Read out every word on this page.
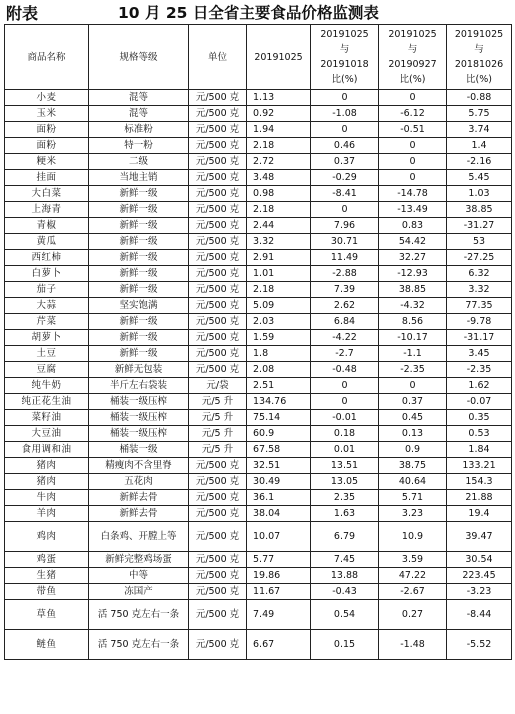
附表	10 月 25 日全省主要食品价格监测表
商品名称	规格等级	单位	20191025	20191025
与
20191018
比(%)	20191025
与
20190927
比(%)	20191025
与
20181026
比(%)
小麦	混等	元/500 克	1.13	0	0	-0.88
玉米	混等	元/500 克	0.92	-1.08	-6.12	5.75
面粉	标准粉	元/500 克	1.94	0	-0.51	3.74
面粉	特一粉	元/500 克	2.18	0.46	0	1.4
粳米	二级	元/500 克	2.72	0.37	0	-2.16
挂面	当地主销	元/500 克	3.48	-0.29	0	5.45
大白菜	新鲜一级	元/500 克	0.98	-8.41	-14.78	1.03
上海青	新鲜一级	元/500 克	2.18	0	-13.49	38.85
青椒	新鲜一级	元/500 克	2.44	7.96	0.83	-31.27
黄瓜	新鲜一级	元/500 克	3.32	30.71	54.42	53
西红柿	新鲜一级	元/500 克	2.91	11.49	32.27	-27.25
白萝卜	新鲜一级	元/500 克	1.01	-2.88	-12.93	6.32
茄子	新鲜一级	元/500 克	2.18	7.39	38.85	3.32
大蒜	坚实饱满	元/500 克	5.09	2.62	-4.32	77.35
芹菜	新鲜一级	元/500 克	2.03	6.84	8.56	-9.78
胡萝卜	新鲜一级	元/500 克	1.59	-4.22	-10.17	-31.17
土豆	新鲜一级	元/500 克	1.8	-2.7	-1.1	3.45
豆腐	新鲜无包装	元/500 克	2.08	-0.48	-2.35	-2.35
纯牛奶	半斤左右袋装	元/袋	2.51	0	0	1.62
纯正花生油	桶装一级压榨	元/5 升	134.76	0	0.37	-0.07
菜籽油	桶装一级压榨	元/5 升	75.14	-0.01	0.45	0.35
大豆油	桶装一级压榨	元/5 升	60.9	0.18	0.13	0.53
食用调和油	桶装一级	元/5 升	67.58	0.01	0.9	1.84
猪肉	精瘦肉不含里脊	元/500 克	32.51	13.51	38.75	133.21
猪肉	五花肉	元/500 克	30.49	13.05	40.64	154.3
牛肉	新鲜去骨	元/500 克	36.1	2.35	5.71	21.88
羊肉	新鲜去骨	元/500 克	38.04	1.63	3.23	19.4
鸡肉	白条鸡、开膛上等	元/500 克	10.07	6.79	10.9	39.47
鸡蛋	新鲜完整鸡场蛋	元/500 克	5.77	7.45	3.59	30.54
生猪	中等	元/500 克	19.86	13.88	47.22	223.45
带鱼	冻国产	元/500 克	11.67	-0.43	-2.67	-3.23
草鱼	活 750 克左右一条	元/500 克	7.49	0.54	0.27	-8.44
鲢鱼	活 750 克左右一条	元/500 克	6.67	0.15	-1.48	-5.52
